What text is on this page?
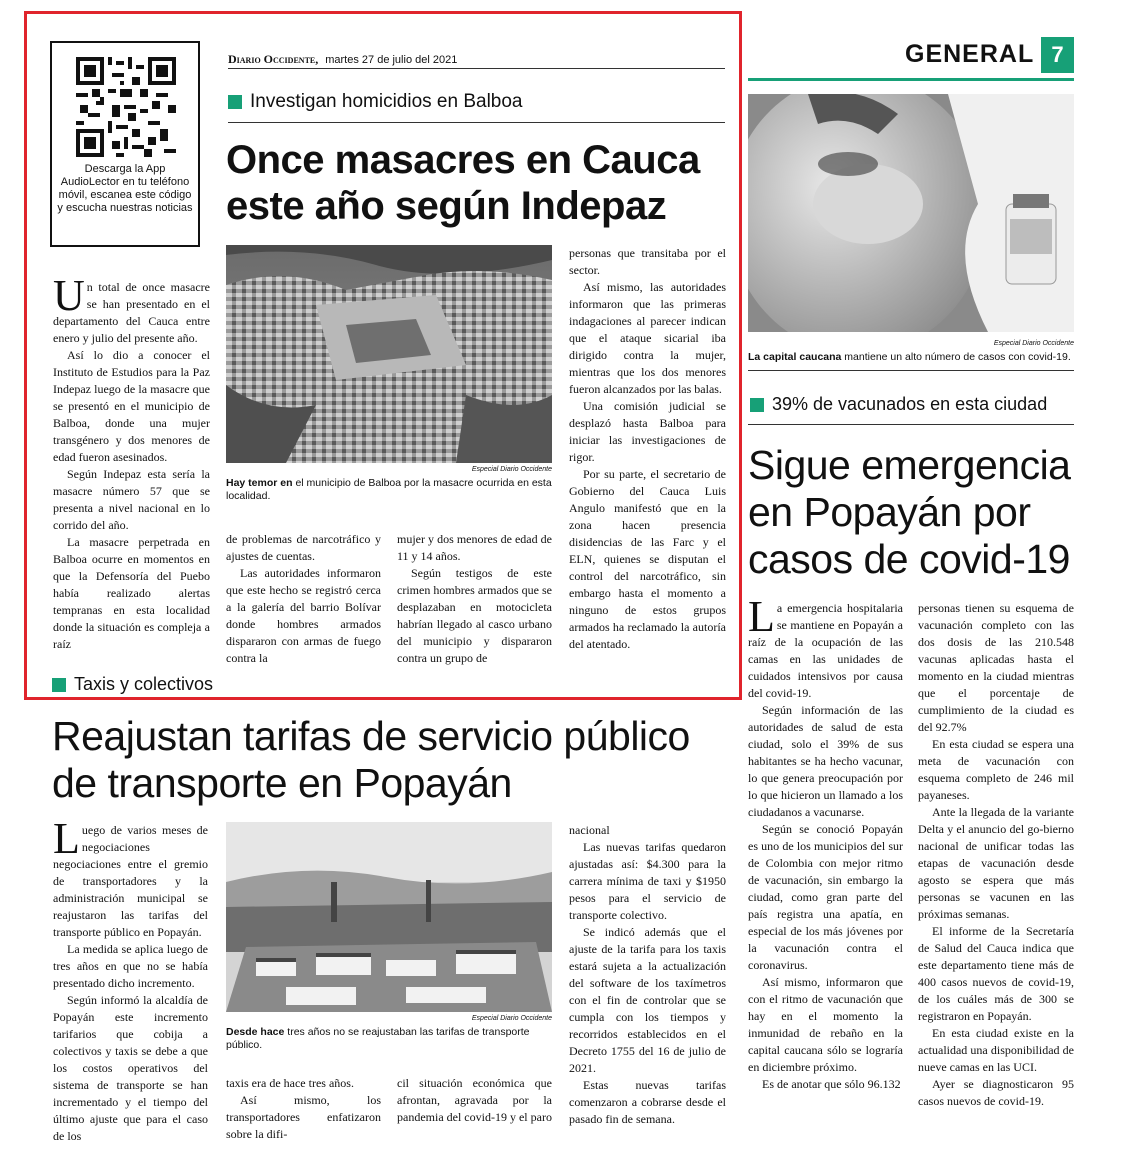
GENERAL 7
Descarga la App AudioLector en tu teléfono móvil, escanea este código y escucha nuestras noticias
Diario Occidente, martes 27 de julio del 2021
Investigan homicidios en Balboa
Once masacres en Cauca
este año según Indepaz
Especial Diario Occidente
Hay temor en el municipio de Balboa por la masacre ocurrida en esta localidad.

Un total de once masacre se han presentado en el departamento del Cauca entre enero y julio del presente año.

Así lo dio a conocer el Instituto de Estudios para la Paz Indepaz luego de la masacre que se presentó en el municipio de Balboa, donde una mujer transgénero y dos menores de edad fueron asesinados.

Según Indepaz esta sería la masacre número 57 que se presenta a nivel nacional en lo corrido del año.

La masacre perpetrada en Balboa ocurre en momentos en que la Defensoría del Puebo había realizado alertas tempranas en esta localidad donde la situación es compleja a raíz

de problemas de narcotráfico y ajustes de cuentas.

Las autoridades informaron que este hecho se registró cerca a la galería del barrio Bolívar donde hombres armados dispararon con armas de fuego contra la

mujer y dos menores de edad de 11 y 14 años.

Según testigos de este crimen hombres armados que se desplazaban en motocicleta habrían llegado al casco urbano del municipio y dispararon contra un grupo de

personas que transitaba por el sector.

Así mismo, las autoridades informaron que las primeras indagaciones al parecer indican que el ataque sicarial iba dirigido contra la mujer, mientras que los dos menores fueron alcanzados por las balas.

Una comisión judicial se desplazó hasta Balboa para iniciar las investigaciones de rigor.

Por su parte, el secretario de Gobierno del Cauca Luis Angulo manifestó que en la zona hacen presencia disidencias de las Farc y el ELN, quienes se disputan el control del narcotráfico, sin embargo hasta el momento a ninguno de estos grupos armados ha reclamado la autoría del atentado.

Especial Diario Occidente
La capital caucana mantiene un alto número de casos con covid-19.
39% de vacunados en esta ciudad
Sigue emergencia
en Popayán por
casos de covid-19

La emergencia hospitalaria se mantiene en Popayán a raíz de la ocupación de las camas en las unidades de cuidados intensivos por causa del covid-19.

Según información de las autoridades de salud de esta ciudad, solo el 39% de sus habitantes se ha hecho vacunar, lo que genera preocupación por lo que hicieron un llamado a los ciudadanos a vacunarse.

Según se conoció Popayán es uno de los municipios del sur de Colombia con mejor ritmo de vacunación, sin embargo la ciudad, como gran parte del país registra una apatía, en especial de los más jóvenes por la vacunación contra el coronavirus.

Así mismo, informaron que con el ritmo de vacunación que hay en el momento la inmunidad de rebaño en la capital caucana sólo se lograría en diciembre próximo.

Es de anotar que sólo 96.132

personas tienen su esquema de vacunación completo con las dos dosis de las 210.548 vacunas aplicadas hasta el momento en la ciudad mientras que el porcentaje de cumplimiento de la ciudad es del 92.7%

En esta ciudad se espera una meta de vacunación con esquema completo de 246 mil payaneses.

Ante la llegada de la variante Delta y el anuncio del go-bierno nacional de unificar todas las etapas de vacunación desde agosto se espera que más personas se vacunen en las próximas semanas.

El informe de la Secretaría de Salud del Cauca indica que este departamento tiene más de 400 casos nuevos de covid-19, de los cuáles más de 300 se registraron en Popayán.

En esta ciudad existe en la actualidad una disponibilidad de nueve camas en las UCI.

Ayer se diagnosticaron 95 casos nuevos de covid-19.

Taxis y colectivos
Reajustan tarifas de servicio público
de transporte en Popayán
Especial Diario Occidente
Desde hace tres años no se reajustaban las tarifas de transporte público.

Luego de varios meses de negociaciones negociaciones entre el gremio de transportadores y la administración municipal se reajustaron las tarifas del transporte público en Popayán.

La medida se aplica luego de tres años en que no se había presentado dicho incremento.

Según informó la alcaldía de Popayán este incremento tarifarios que cobija a colectivos y taxis se debe a que los costos operativos del sistema de transporte se han incrementado y el tiempo del último ajuste que para el caso de los

taxis era de hace tres años.

Así mismo, los transportadores enfatizaron sobre la difi-

cil situación económica que afrontan, agravada por la pandemia del covid-19 y el paro

nacional

Las nuevas tarifas quedaron ajustadas así: $4.300 para la carrera mínima de taxi y $1950 pesos para el servicio de transporte colectivo.

Se indicó además que el ajuste de la tarifa para los taxis estará sujeta a la actualización del software de los taxímetros con el fin de controlar que se cumpla con los tiempos y recorridos establecidos en el Decreto 1755 del 16 de julio de 2021.

Estas nuevas tarifas comenzaron a cobrarse desde el pasado fin de semana.
